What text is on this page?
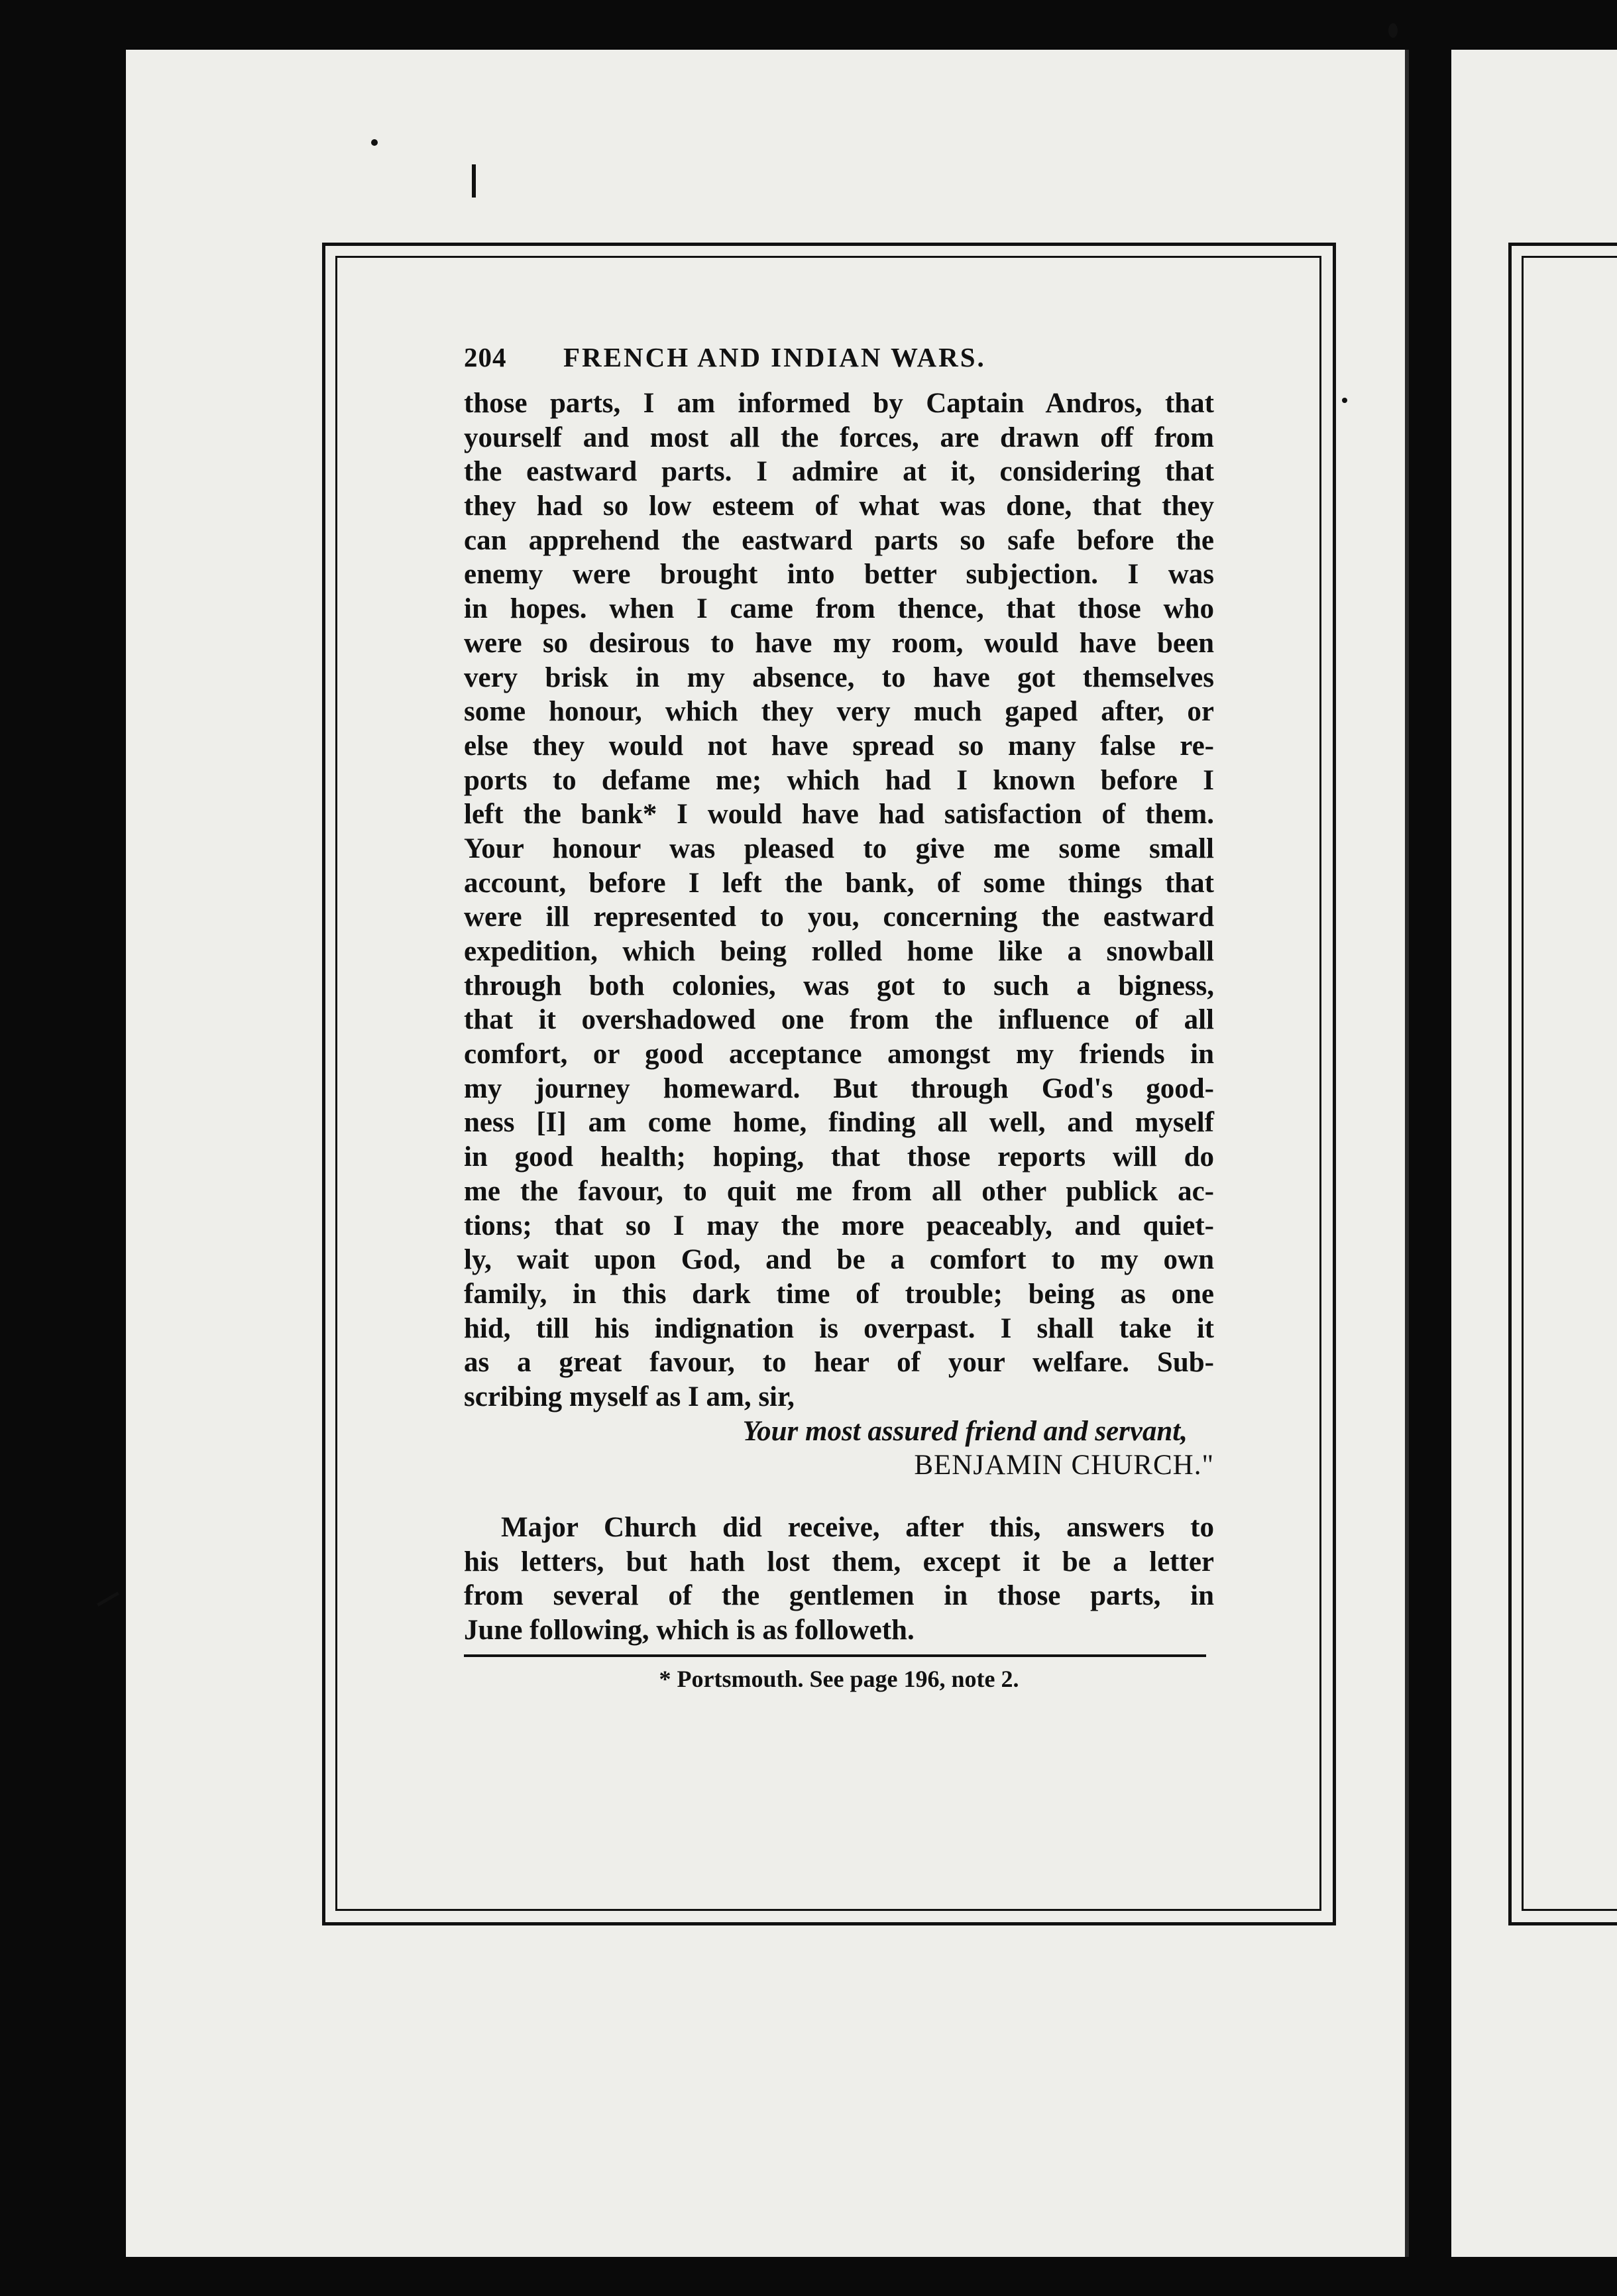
204	FRENCH AND INDIAN WARS.
those parts, I am informed by Captain Andros, that
yourself and most all the forces, are drawn off from
the eastward parts. I admire at it, considering that
they had so low esteem of what was done, that they
can apprehend the eastward parts so safe before the
enemy were brought into better subjection. I was
in hopes. when I came from thence, that those who
were so desirous to have my room, would have been
very brisk in my absence, to have got themselves
some honour, which they very much gaped after, or
else they would not have spread so many false re-
ports to defame me; which had I known before I
left the bank* I would have had satisfaction of them.
Your honour was pleased to give me some small
account, before I left the bank, of some things that
were ill represented to you, concerning the eastward
expedition, which being rolled home like a snowball
through both colonies, was got to such a bigness,
that it overshadowed one from the influence of all
comfort, or good acceptance amongst my friends in
my journey homeward. But through God's good-
ness [I] am come home, finding all well, and myself
in good health; hoping, that those reports will do
me the favour, to quit me from all other publick ac-
tions; that so I may the more peaceably, and quiet-
ly, wait upon God, and be a comfort to my own
family, in this dark time of trouble; being as one
hid, till his indignation is overpast. I shall take it
as a great favour, to hear of your welfare. Sub-
scribing myself as I am, sir,
Your most assured friend and servant,
BENJAMIN CHURCH."
Major Church did receive, after this, answers to
his letters, but hath lost them, except it be a letter
from several of the gentlemen in those parts, in
June following, which is as followeth.
* Portsmouth. See page 196, note 2.
